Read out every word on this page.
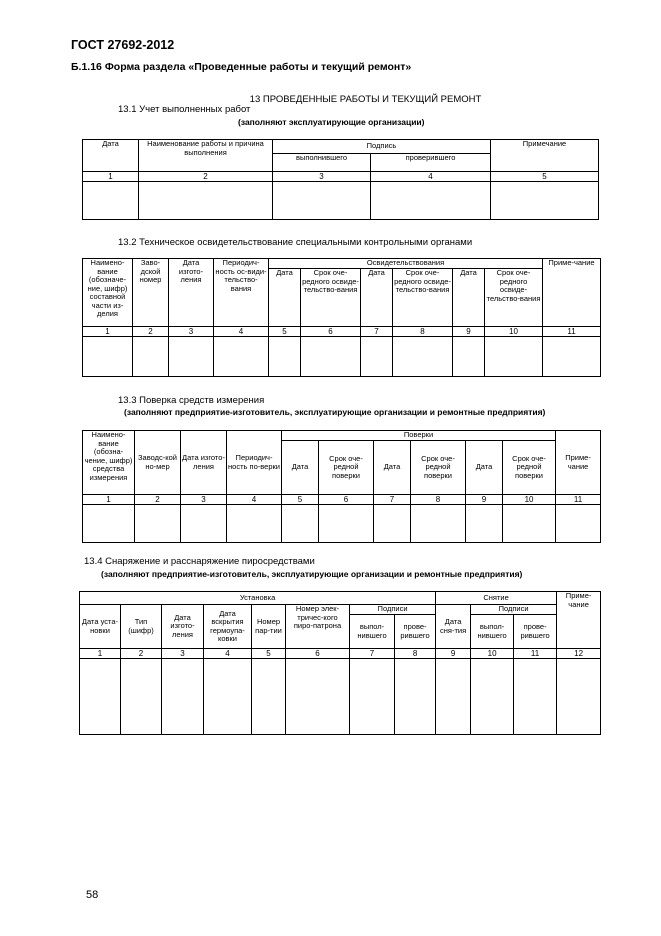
ГОСТ 27692-2012
Б.1.16 Форма раздела «Проведенные работы и текущий ремонт»
13 ПРОВЕДЕННЫЕ РАБОТЫ И ТЕКУЩИЙ РЕМОНТ
13.1 Учет выполненных работ
(заполняют эксплуатирующие организации)
Дата	Наименование работы и причина выполнения	Подпись		Примечание
		выполнившего	проверившего	
1	2	3	4	5

13.2 Техническое освидетельствование специальными контрольными органами
Наимено-вание (обозначе-ние, шифр) составной части из-делия	Заво-дской номер	Дата изгото-ления	Периодич-ность ос-види-тельство-вания	Освидетельствования						Приме-чание
				Дата	Срок оче-редного освиде-тельство-вания	Дата	Срок оче-редного освиде-тельство-вания	Дата	Срок оче-редного освиде-тельство-вания	
1	2	3	4	5	6	7	8	9	10	11

13.3 Поверка средств измерения
(заполняют предприятие-изготовитель, эксплуатирующие организации и ремонтные предприятия)
Наимено-вание (обозна-чение, шифр) средства измерения	Заводс-кой но-мер	Дата изгото-ления	Периодич-ность по-верки	Поверки						Приме-чание
				Дата	Срок оче-редной поверки	Дата	Срок оче-редной поверки	Дата	Срок оче-редной поверки	
1	2	3	4	5	6	7	8	9	10	11

13.4 Снаряжение и расснаряжение пиросредствами
(заполняют предприятие-изготовитель, эксплуатирующие организации и ремонтные предприятия)
Установка								Снятие			Приме-чание
Дата уста-новки	Тип (шифр)	Дата изгото-ления	Дата вскрытия гермоупа-ковки	Номер пар-тии	Номер элек-тричес-кого пиро-патрона	Подписи		Дата сня-тия	Подписи		
						выпол-нившего	прове-рившего		выпол-нившего	прове-рившего	
1	2	3	4	5	6	7	8	9	10	11	12

58
